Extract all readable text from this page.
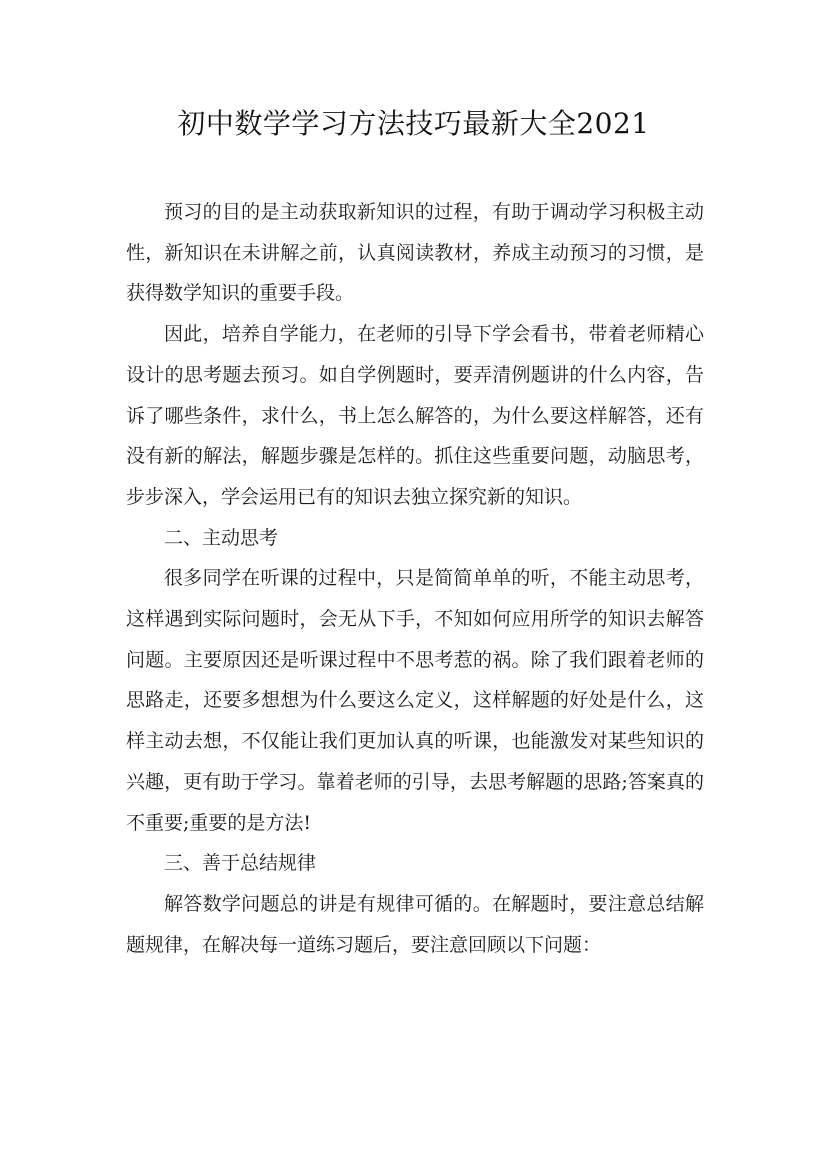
初中数学学习方法技巧最新大全2021

预习的目的是主动获取新知识的过程，有助于调动学习积极主动性，新知识在未讲解之前，认真阅读教材，养成主动预习的习惯，是获得数学知识的重要手段。

因此，培养自学能力，在老师的引导下学会看书，带着老师精心设计的思考题去预习。如自学例题时，要弄清例题讲的什么内容，告诉了哪些条件，求什么，书上怎么解答的，为什么要这样解答，还有没有新的解法，解题步骤是怎样的。抓住这些重要问题，动脑思考，步步深入，学会运用已有的知识去独立探究新的知识。

二、主动思考

很多同学在听课的过程中，只是简简单单的听，不能主动思考，这样遇到实际问题时，会无从下手，不知如何应用所学的知识去解答问题。主要原因还是听课过程中不思考惹的祸。除了我们跟着老师的思路走，还要多想想为什么要这么定义，这样解题的好处是什么，这样主动去想，不仅能让我们更加认真的听课，也能激发对某些知识的兴趣，更有助于学习。靠着老师的引导，去思考解题的思路;答案真的不重要;重要的是方法!

三、善于总结规律

解答数学问题总的讲是有规律可循的。在解题时，要注意总结解题规律，在解决每一道练习题后，要注意回顾以下问题：
